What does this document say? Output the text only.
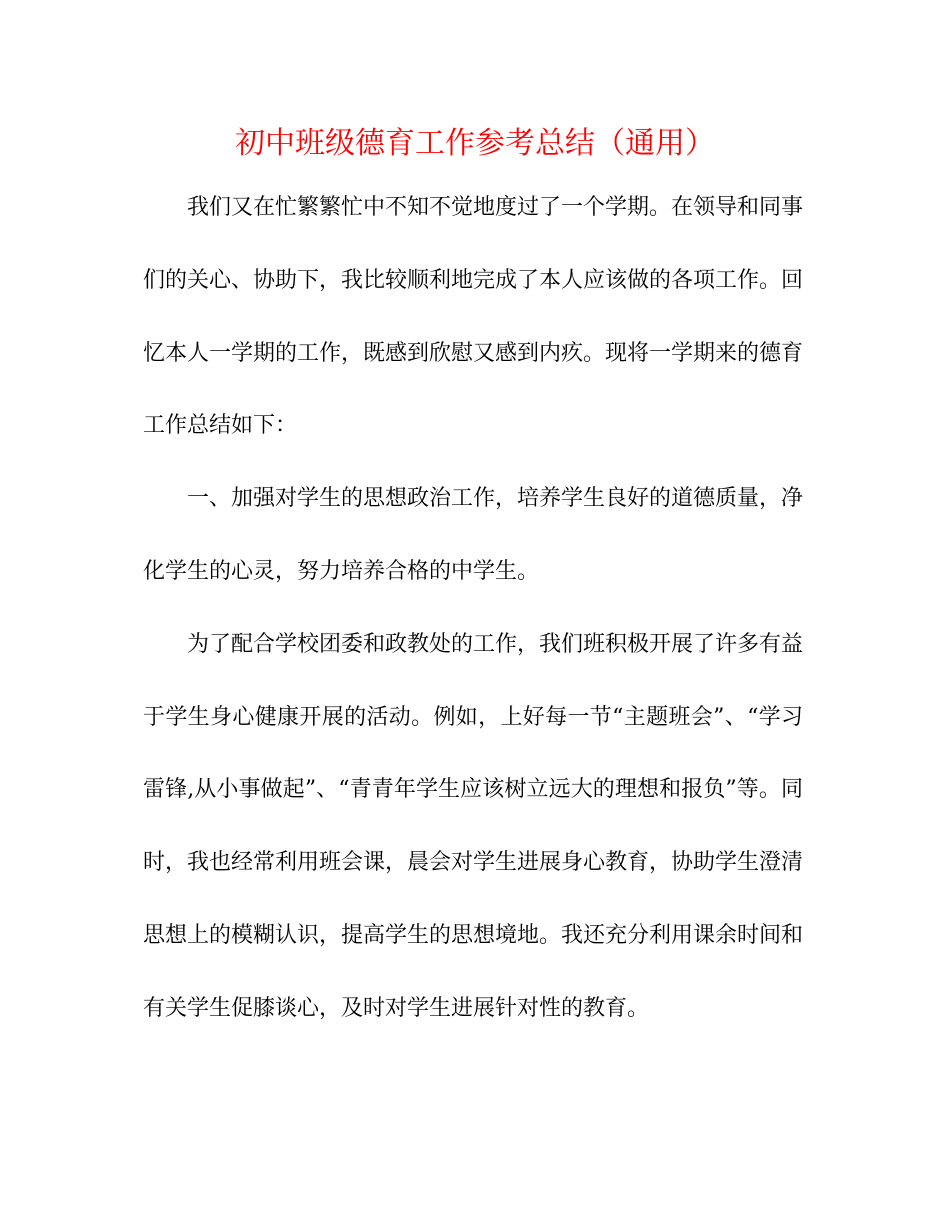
初中班级德育工作参考总结（通用）

我们又在忙繁繁忙中不知不觉地度过了一个学期。在领导和同事们的关心、协助下，我比较顺利地完成了本人应该做的各项工作。回忆本人一学期的工作，既感到欣慰又感到内疚。现将一学期来的德育工作总结如下：

一、加强对学生的思想政治工作，培养学生良好的道德质量，净化学生的心灵，努力培养合格的中学生。

为了配合学校团委和政教处的工作，我们班积极开展了许多有益于学生身心健康开展的活动。例如，上好每一节“主题班会”、“学习雷锋,从小事做起”、“青青年学生应该树立远大的理想和报负”等。同时，我也经常利用班会课，晨会对学生进展身心教育，协助学生澄清思想上的模糊认识，提高学生的思想境地。我还充分利用课余时间和有关学生促膝谈心，及时对学生进展针对性的教育。
